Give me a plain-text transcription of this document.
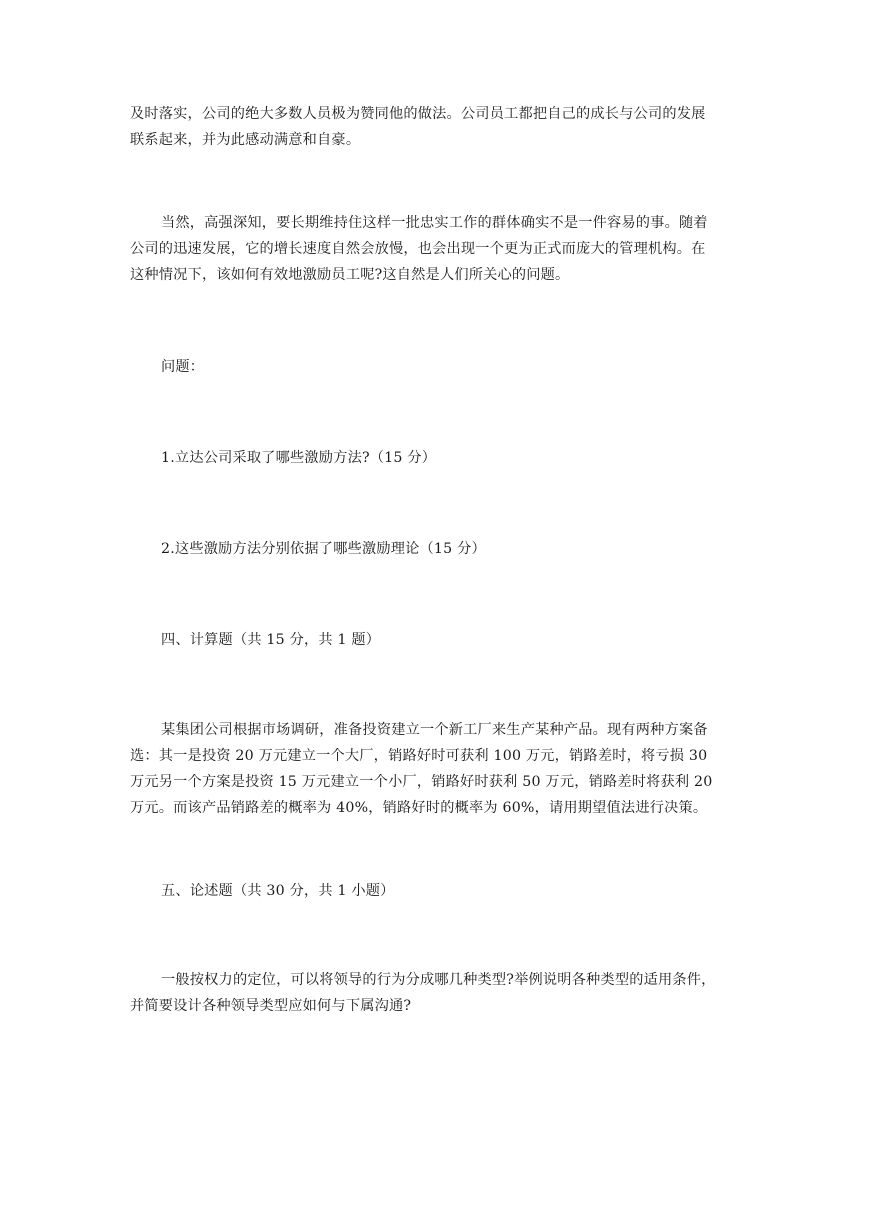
及时落实，公司的绝大多数人员极为赞同他的做法。公司员工都把自己的成长与公司的发展
联系起来，并为此感动满意和自豪。

当然，高强深知，要长期维持住这样一批忠实工作的群体确实不是一件容易的事。随着
公司的迅速发展，它的增长速度自然会放慢，也会出现一个更为正式而庞大的管理机构。在
这种情况下，该如何有效地激励员工呢?这自然是人们所关心的问题。

问题：

1.立达公司采取了哪些激励方法?（15 分）

2.这些激励方法分别依据了哪些激励理论（15 分）

四、计算题（共 15 分，共 1 题）

某集团公司根据市场调研，准备投资建立一个新工厂来生产某种产品。现有两种方案备
选：其一是投资 20 万元建立一个大厂，销路好时可获利 100 万元，销路差时，将亏损 30
万元另一个方案是投资 15 万元建立一个小厂，销路好时获利 50 万元，销路差时将获利 20
万元。而该产品销路差的概率为 40%，销路好时的概率为 60%，请用期望值法进行决策。

五、论述题（共 30 分，共 1 小题）

一般按权力的定位，可以将领导的行为分成哪几种类型?举例说明各种类型的适用条件，
并简要设计各种领导类型应如何与下属沟通?
